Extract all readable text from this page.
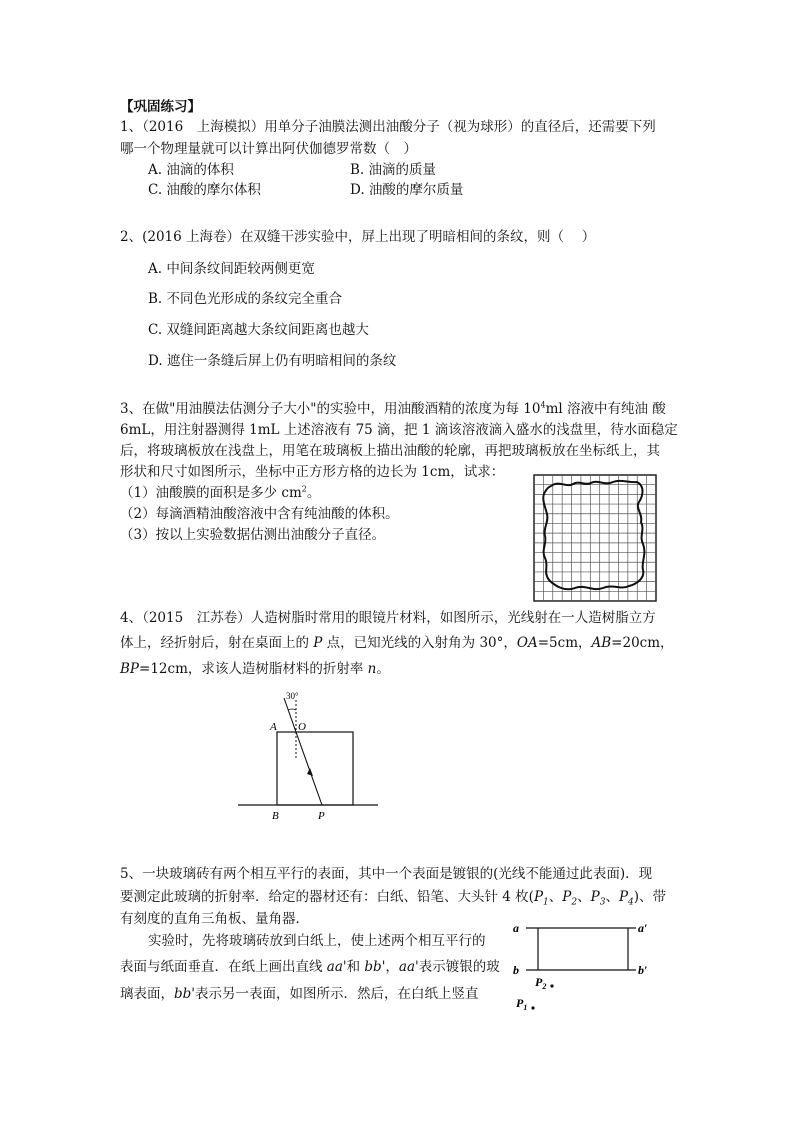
【巩固练习】
1、（2016　上海模拟）用单分子油膜法测出油酸分子（视为球形）的直径后，还需要下列
哪一个物理量就可以计算出阿伏伽德罗常数（　）
A. 油滴的体积	B. 油滴的质量
C. 油酸的摩尔体积	D. 油酸的摩尔质量
2、(2016 上海卷）在双缝干涉实验中，屏上出现了明暗相间的条纹，则（　 ）
A. 中间条纹间距较两侧更宽
B. 不同色光形成的条纹完全重合
C. 双缝间距离越大条纹间距离也越大
D. 遮住一条缝后屏上仍有明暗相间的条纹
3、在做"用油膜法估测分子大小"的实验中，用油酸酒精的浓度为每 $10^4ml$ 溶液中有纯油 酸
6mL，用注射器测得 1mL 上述溶液有 75 滴，把 1 滴该溶液滴入盛水的浅盘里，待水面稳定
后，将玻璃板放在浅盘上，用笔在玻璃板上描出油酸的轮廓，再把玻璃板放在坐标纸上，其
形状和尺寸如图所示，坐标中正方形方格的边长为 1cm，试求：
（1）油酸膜的面积是多少 $cm^2$。
（2）每滴酒精油酸溶液中含有纯油酸的体积。
（3）按以上实验数据估测出油酸分子直径。
4、（2015　江苏卷）人造树脂时常用的眼镜片材料，如图所示，光线射在一人造树脂立方
体上，经折射后，射在桌面上的 P 点，已知光线的入射角为 30°，OA=5cm，AB=20cm，
BP=12cm，求该人造树脂材料的折射率 n。
30°
A O
B	P
5、一块玻璃砖有两个相互平行的表面，其中一个表面是镀银的(光线不能通过此表面)．现
要测定此玻璃的折射率．给定的器材还有：白纸、铅笔、大头针 4 枚($P_1$、$P_2$、$P_3$、$P_4$)、带
有刻度的直角三角板、量角器．
实验时，先将玻璃砖放到白纸上，使上述两个相互平行的
表面与纸面垂直．在纸上画出直线 aa'和 bb'，aa'表示镀银的玻
璃表面，bb'表示另一表面，如图所示．然后，在白纸上竖直
a	a′
b	b′
$P_2$
$P_1$
